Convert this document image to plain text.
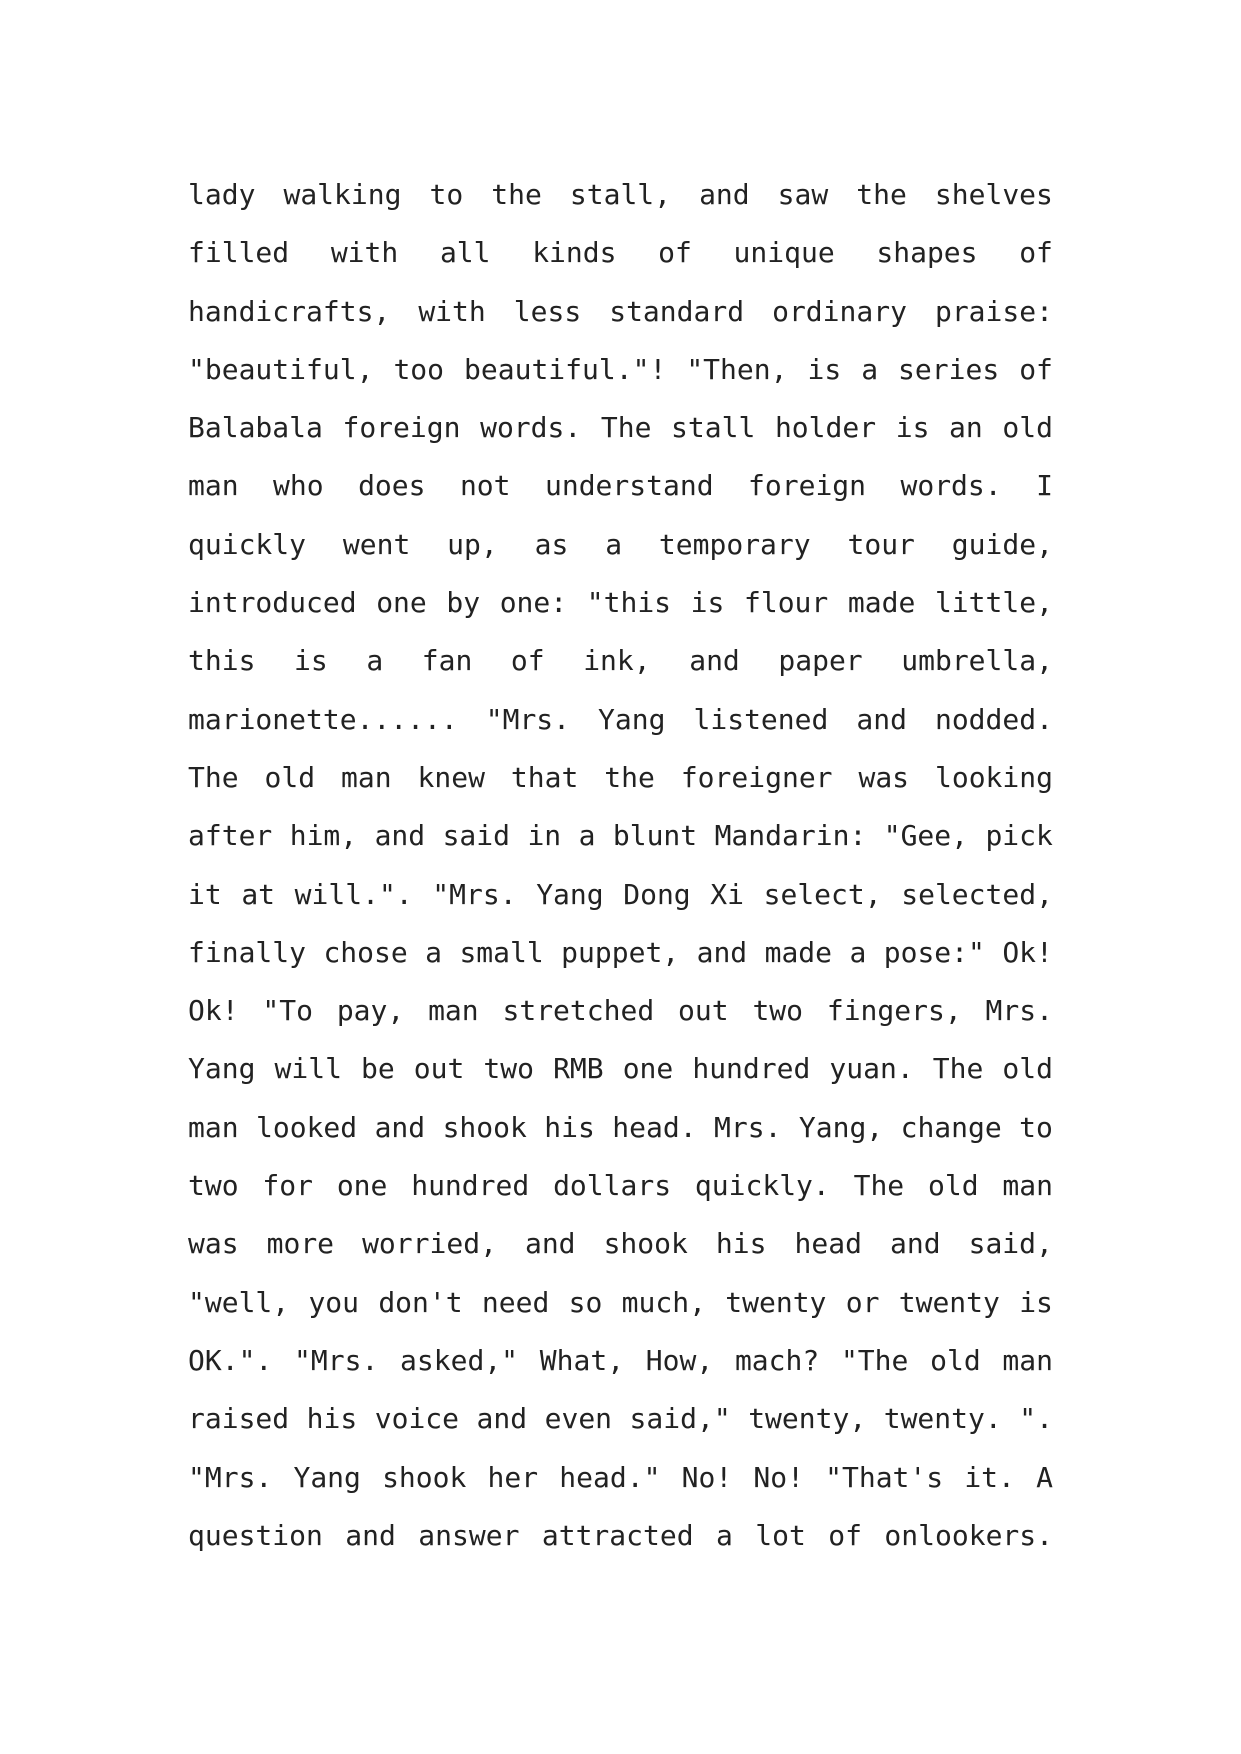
lady walking to the stall, and saw the shelves
filled with all kinds of unique shapes of
handicrafts, with less standard ordinary praise:
"beautiful, too beautiful."! "Then, is a series of
Balabala foreign words. The stall holder is an old
man who does not understand foreign words. I
quickly went up, as a temporary tour guide,
introduced one by one: "this is flour made little,
this is a fan of ink, and paper umbrella,
marionette...... "Mrs. Yang listened and nodded.
The old man knew that the foreigner was looking
after him, and said in a blunt Mandarin: "Gee, pick
it at will.". "Mrs. Yang Dong Xi select, selected,
finally chose a small puppet, and made a pose:" Ok!
Ok! "To pay, man stretched out two fingers, Mrs.
Yang will be out two RMB one hundred yuan. The old
man looked and shook his head. Mrs. Yang, change to
two for one hundred dollars quickly. The old man
was more worried, and shook his head and said,
"well, you don't need so much, twenty or twenty is
OK.". "Mrs. asked," What, How, mach? "The old man
raised his voice and even said," twenty, twenty. ".
"Mrs. Yang shook her head." No! No! "That's it. A
question and answer attracted a lot of onlookers.
